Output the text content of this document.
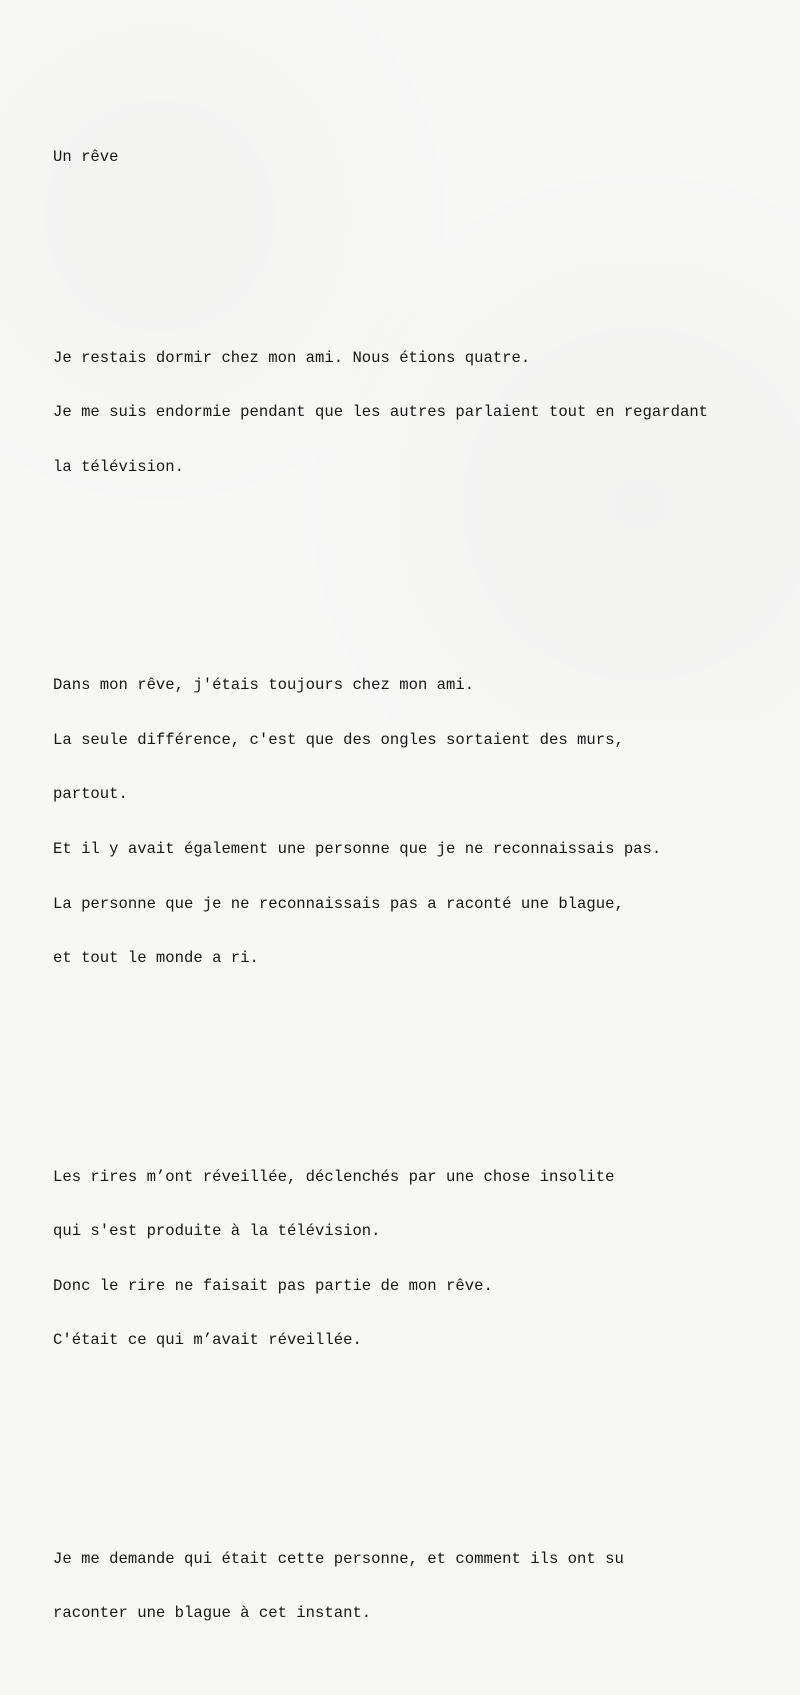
Un rêve

Je restais dormir chez mon ami. Nous étions quatre.

Je me suis endormie pendant que les autres parlaient tout en regardant

la télévision.

Dans mon rêve, j'étais toujours chez mon ami.

La seule différence, c'est que des ongles sortaient des murs,

partout.

Et il y avait également une personne que je ne reconnaissais pas.

La personne que je ne reconnaissais pas a raconté une blague,

et tout le monde a ri.

Les rires m’ont réveillée, déclenchés par une chose insolite

qui s'est produite à la télévision.

Donc le rire ne faisait pas partie de mon rêve.

C'était ce qui m’avait réveillée.

Je me demande qui était cette personne, et comment ils ont su

raconter une blague à cet instant.
